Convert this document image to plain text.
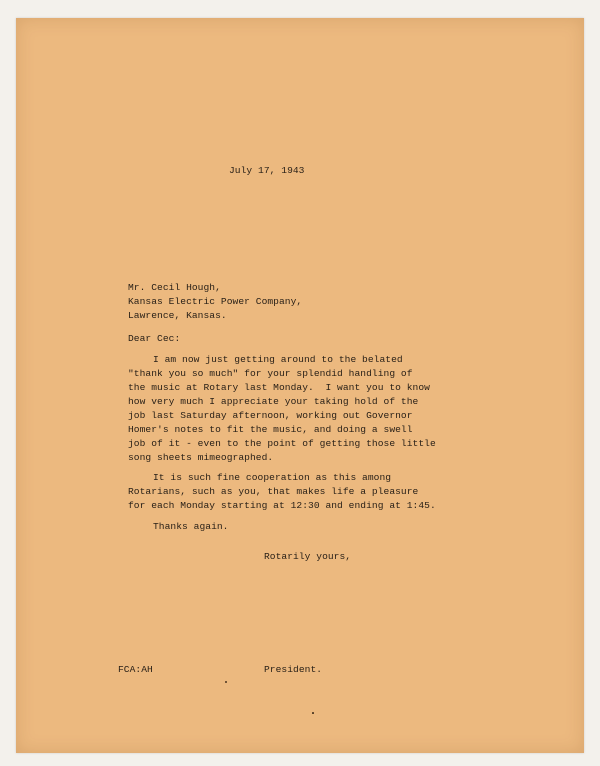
July 17, 1943
Mr. Cecil Hough,
Kansas Electric Power Company,
Lawrence, Kansas.
Dear Cec:
I am now just getting around to the belated
"thank you so much" for your splendid handling of
the music at Rotary last Monday.  I want you to know
how very much I appreciate your taking hold of the
job last Saturday afternoon, working out Governor
Homer's notes to fit the music, and doing a swell
job of it - even to the point of getting those little
song sheets mimeographed.
It is such fine cooperation as this among
Rotarians, such as you, that makes life a pleasure
for each Monday starting at 12:30 and ending at 1:45.
Thanks again.
Rotarily yours,
FCA:AH	President.
